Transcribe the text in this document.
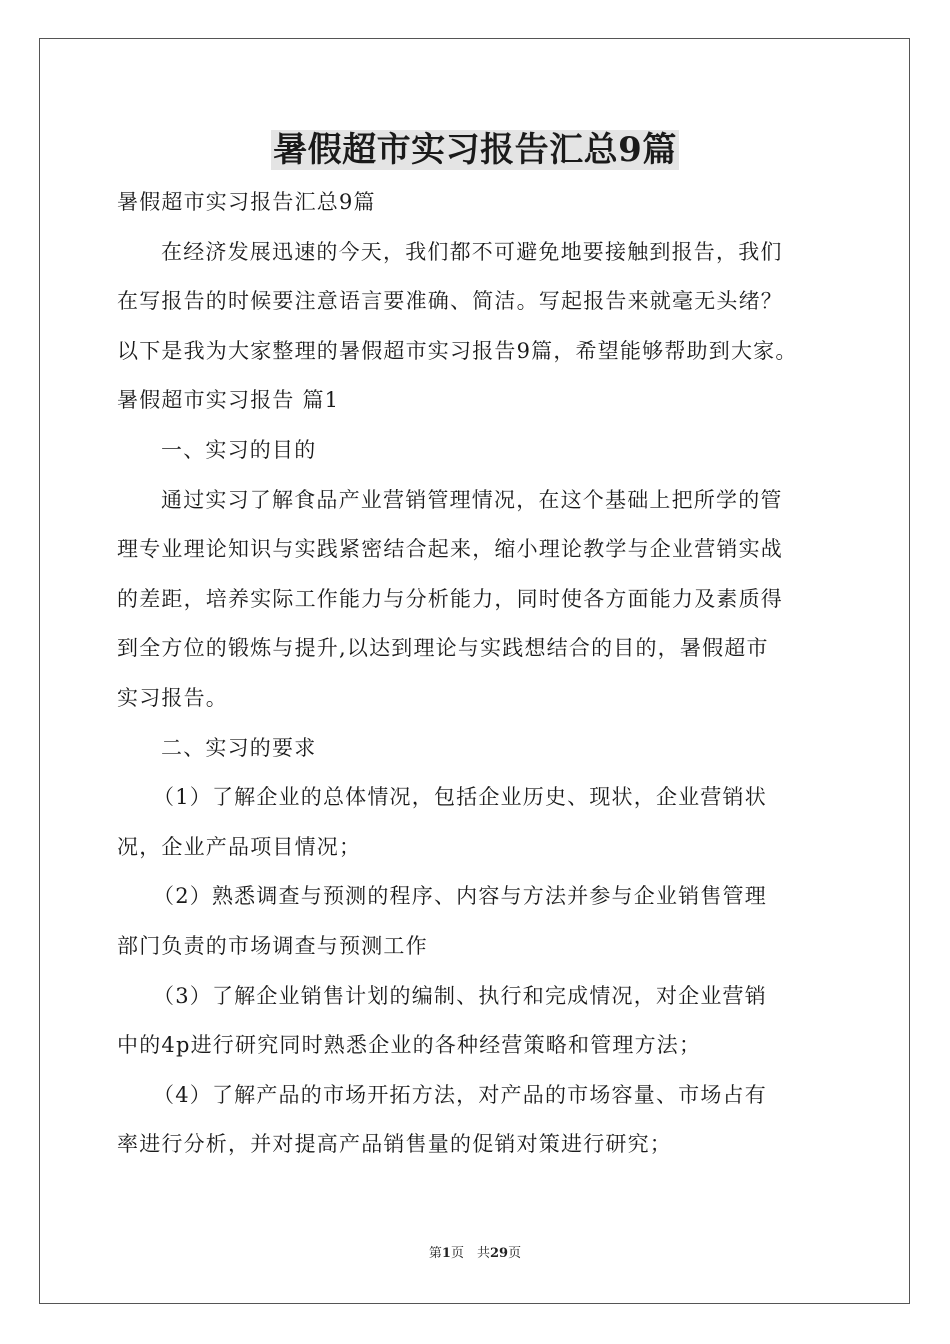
暑假超市实习报告汇总9篇
暑假超市实习报告汇总9篇
在经济发展迅速的今天，我们都不可避免地要接触到报告，我们
在写报告的时候要注意语言要准确、简洁。写起报告来就毫无头绪？
以下是我为大家整理的暑假超市实习报告9篇，希望能够帮助到大家。
暑假超市实习报告 篇1
一、实习的目的
通过实习了解食品产业营销管理情况，在这个基础上把所学的管
理专业理论知识与实践紧密结合起来，缩小理论教学与企业营销实战
的差距，培养实际工作能力与分析能力，同时使各方面能力及素质得
到全方位的锻炼与提升,以达到理论与实践想结合的目的，暑假超市
实习报告。
二、实习的要求
（1）了解企业的总体情况，包括企业历史、现状，企业营销状
况，企业产品项目情况；
（2）熟悉调查与预测的程序、内容与方法并参与企业销售管理
部门负责的市场调查与预测工作
（3）了解企业销售计划的编制、执行和完成情况，对企业营销
中的4p进行研究同时熟悉企业的各种经营策略和管理方法；
（4）了解产品的市场开拓方法，对产品的市场容量、市场占有
率进行分析，并对提高产品销售量的促销对策进行研究；
第1页　共29页
